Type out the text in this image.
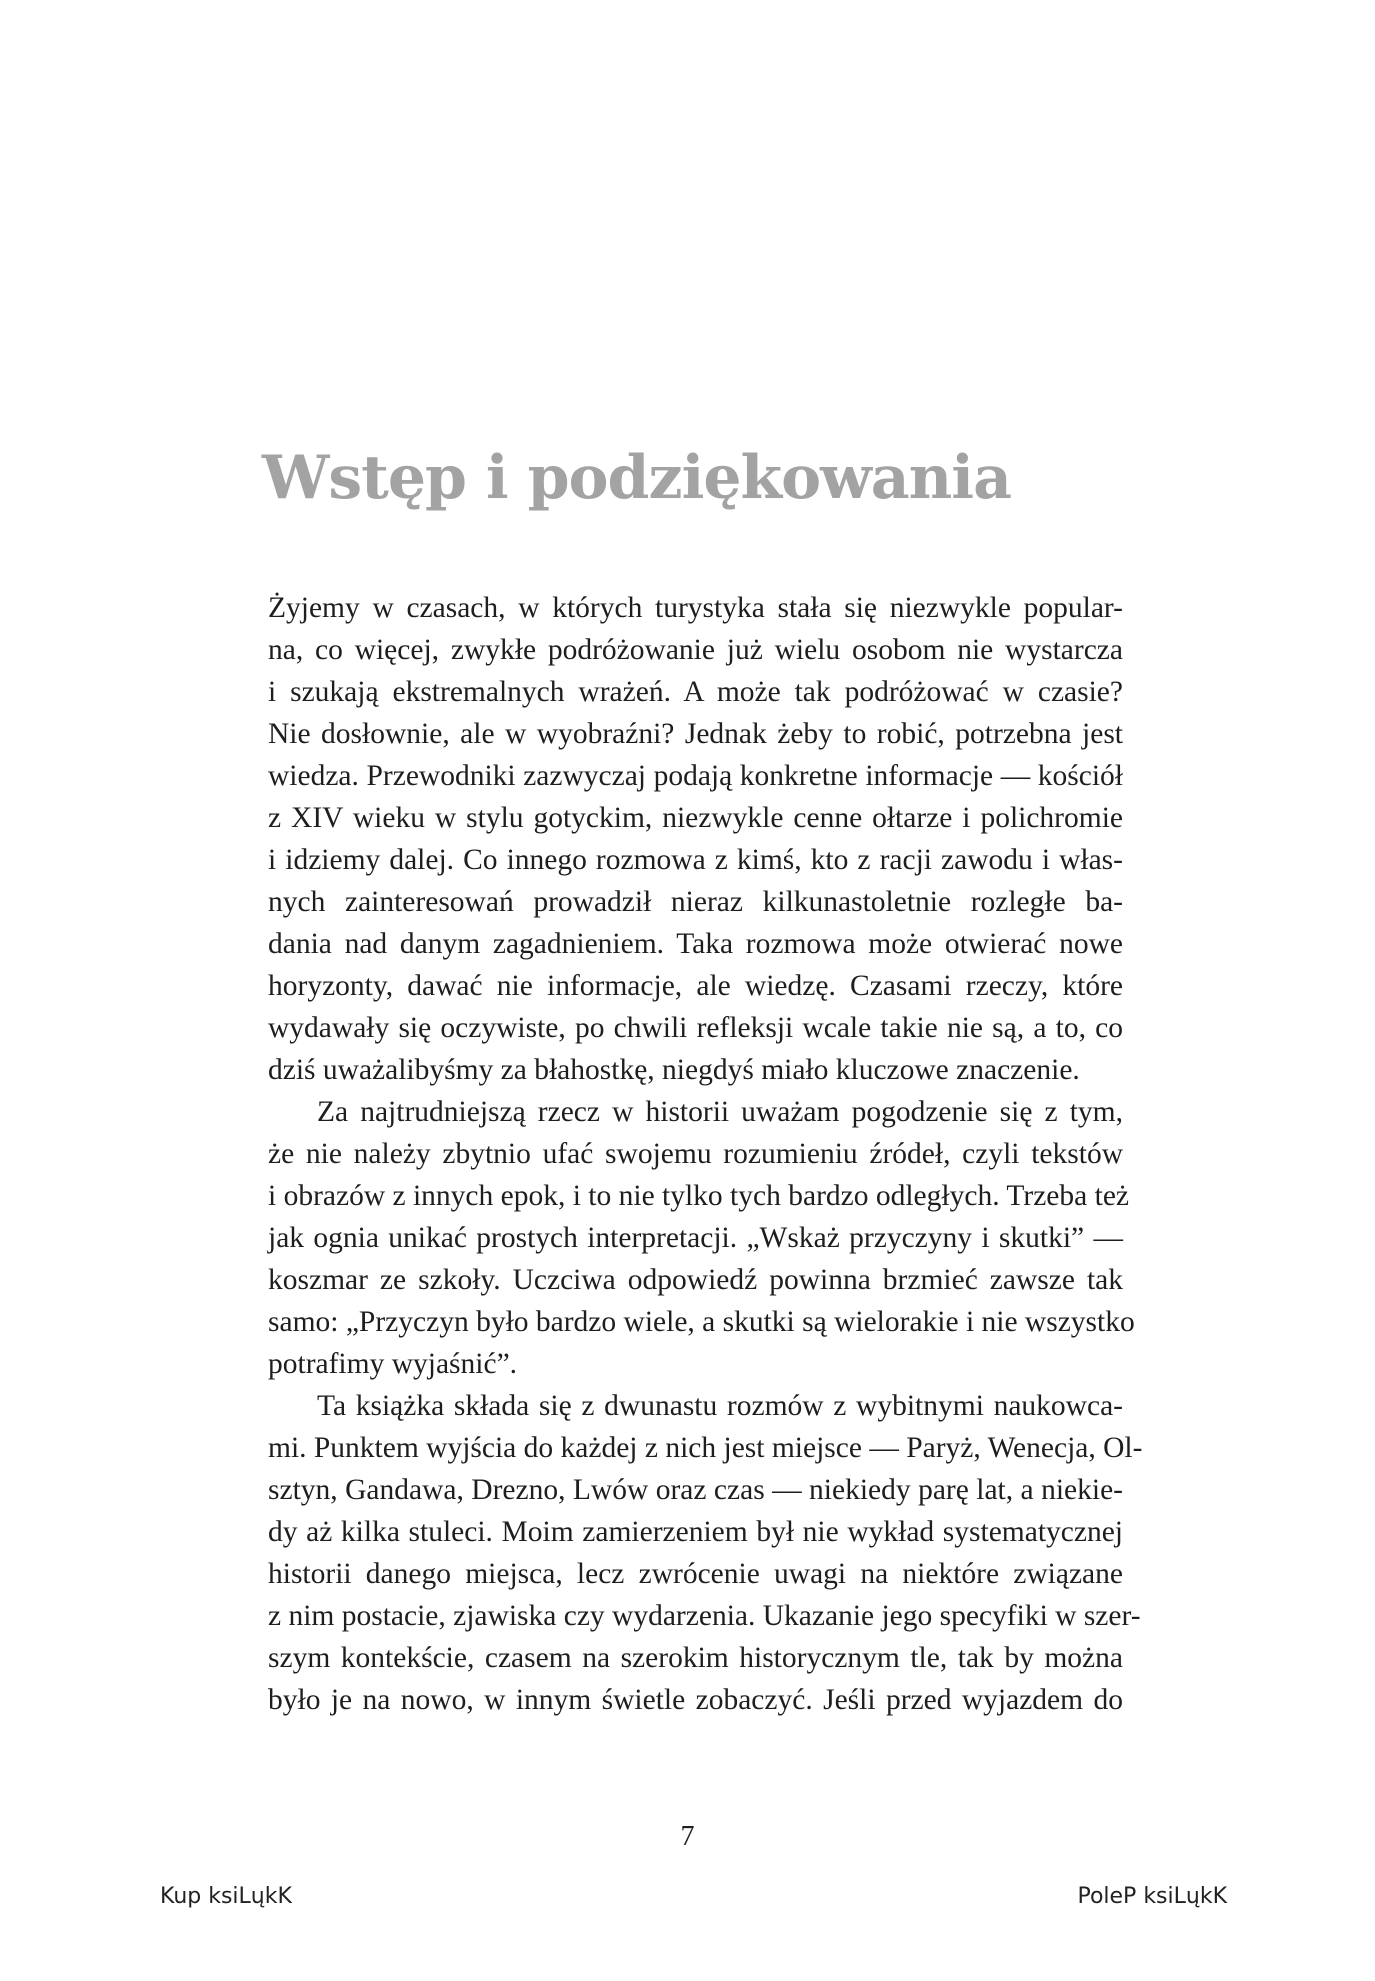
Wstęp i podziękowania
Żyjemy w czasach, w których turystyka stała się niezwykle popular-
na, co więcej, zwykłe podróżowanie już wielu osobom nie wystarcza
i szukają ekstremalnych wrażeń. A może tak podróżować w czasie?
Nie dosłownie, ale w wyobraźni? Jednak żeby to robić, potrzebna jest
wiedza. Przewodniki zazwyczaj podają konkretne informacje — kościół
z XIV wieku w stylu gotyckim, niezwykle cenne ołtarze i polichromie
i idziemy dalej. Co innego rozmowa z kimś, kto z racji zawodu i włas-
nych zainteresowań prowadził nieraz kilkunastoletnie rozległe ba-
dania nad danym zagadnieniem. Taka rozmowa może otwierać nowe
horyzonty, dawać nie informacje, ale wiedzę. Czasami rzeczy, które
wydawały się oczywiste, po chwili refleksji wcale takie nie są, a to, co
dziś uważalibyśmy za błahostkę, niegdyś miało kluczowe znaczenie.
Za najtrudniejszą rzecz w historii uważam pogodzenie się z tym,
że nie należy zbytnio ufać swojemu rozumieniu źródeł, czyli tekstów
i obrazów z innych epok, i to nie tylko tych bardzo odległych. Trzeba też
jak ognia unikać prostych interpretacji. „Wskaż przyczyny i skutki” —
koszmar ze szkoły. Uczciwa odpowiedź powinna brzmieć zawsze tak
samo: „Przyczyn było bardzo wiele, a skutki są wielorakie i nie wszystko
potrafimy wyjaśnić”.
Ta książka składa się z dwunastu rozmów z wybitnymi naukowca-
mi. Punktem wyjścia do każdej z nich jest miejsce — Paryż, Wenecja, Ol-
sztyn, Gandawa, Drezno, Lwów oraz czas — niekiedy parę lat, a niekie-
dy aż kilka stuleci. Moim zamierzeniem był nie wykład systematycznej
historii danego miejsca, lecz zwrócenie uwagi na niektóre związane
z nim postacie, zjawiska czy wydarzenia. Ukazanie jego specyfiki w szer-
szym kontekście, czasem na szerokim historycznym tle, tak by można
było je na nowo, w innym świetle zobaczyć. Jeśli przed wyjazdem do
7
Kup ksiLųkK	PoleP ksiLųkK
